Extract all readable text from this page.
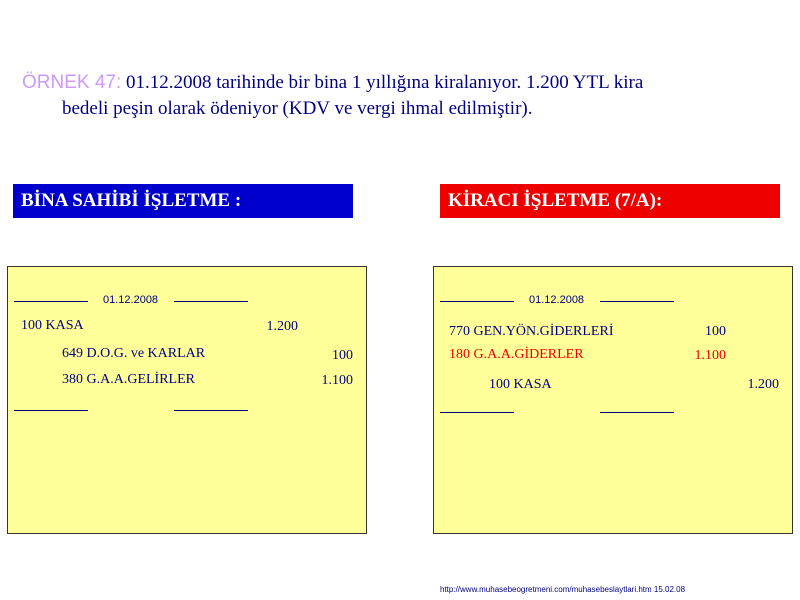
ÖRNEK 47: 01.12.2008 tarihinde bir bina 1 yıllığına kiralanıyor. 1.200 YTL kira
bedeli peşin olarak ödeniyor (KDV ve vergi ihmal edilmiştir).
BİNA SAHİBİ İŞLETME :	KİRACI İŞLETME (7/A):
01.12.2008
100 KASA	1.200
649 D.O.G. ve KARLAR	100
380 G.A.A.GELİRLER	1.100
01.12.2008
770 GEN.YÖN.GİDERLERİ	100
180 G.A.A.GİDERLER	1.100
100 KASA	1.200
http://www.muhasebeogretmeni.com/muhasebeslaytlari.htm 15.02.08
